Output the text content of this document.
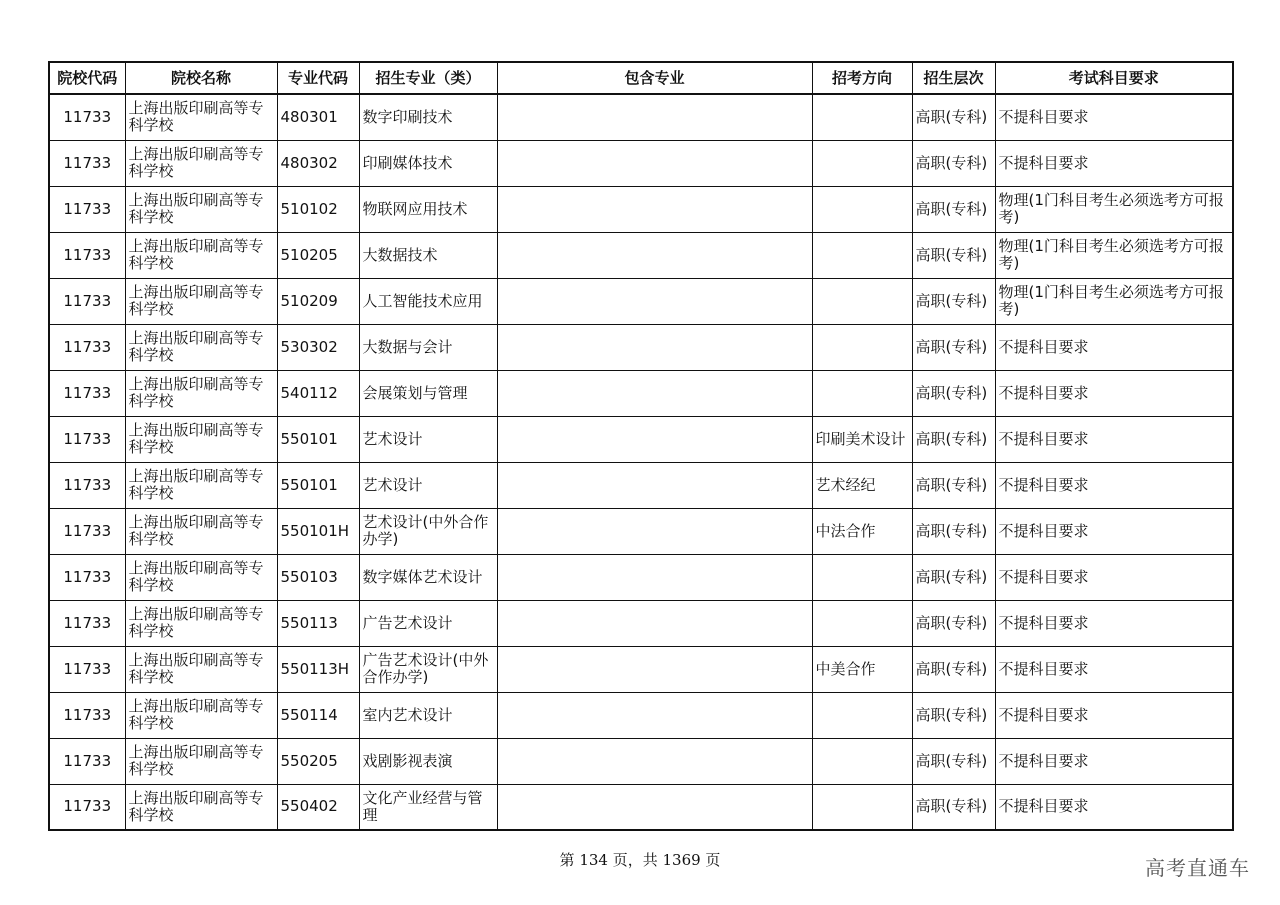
院校代码	院校名称	专业代码	招生专业（类）	包含专业	招考方向	招生层次	考试科目要求
11733	上海出版印刷高等专科学校	480301	数字印刷技术			高职(专科)	不提科目要求
11733	上海出版印刷高等专科学校	480302	印刷媒体技术			高职(专科)	不提科目要求
11733	上海出版印刷高等专科学校	510102	物联网应用技术			高职(专科)	物理(1门科目考生必须选考方可报考)
11733	上海出版印刷高等专科学校	510205	大数据技术			高职(专科)	物理(1门科目考生必须选考方可报考)
11733	上海出版印刷高等专科学校	510209	人工智能技术应用			高职(专科)	物理(1门科目考生必须选考方可报考)
11733	上海出版印刷高等专科学校	530302	大数据与会计			高职(专科)	不提科目要求
11733	上海出版印刷高等专科学校	540112	会展策划与管理			高职(专科)	不提科目要求
11733	上海出版印刷高等专科学校	550101	艺术设计		印刷美术设计	高职(专科)	不提科目要求
11733	上海出版印刷高等专科学校	550101	艺术设计		艺术经纪	高职(专科)	不提科目要求
11733	上海出版印刷高等专科学校	550101H	艺术设计(中外合作办学)		中法合作	高职(专科)	不提科目要求
11733	上海出版印刷高等专科学校	550103	数字媒体艺术设计			高职(专科)	不提科目要求
11733	上海出版印刷高等专科学校	550113	广告艺术设计			高职(专科)	不提科目要求
11733	上海出版印刷高等专科学校	550113H	广告艺术设计(中外合作办学)		中美合作	高职(专科)	不提科目要求
11733	上海出版印刷高等专科学校	550114	室内艺术设计			高职(专科)	不提科目要求
11733	上海出版印刷高等专科学校	550205	戏剧影视表演			高职(专科)	不提科目要求
11733	上海出版印刷高等专科学校	550402	文化产业经营与管理			高职(专科)	不提科目要求
第 134 页，共 1369 页	高考直通车
